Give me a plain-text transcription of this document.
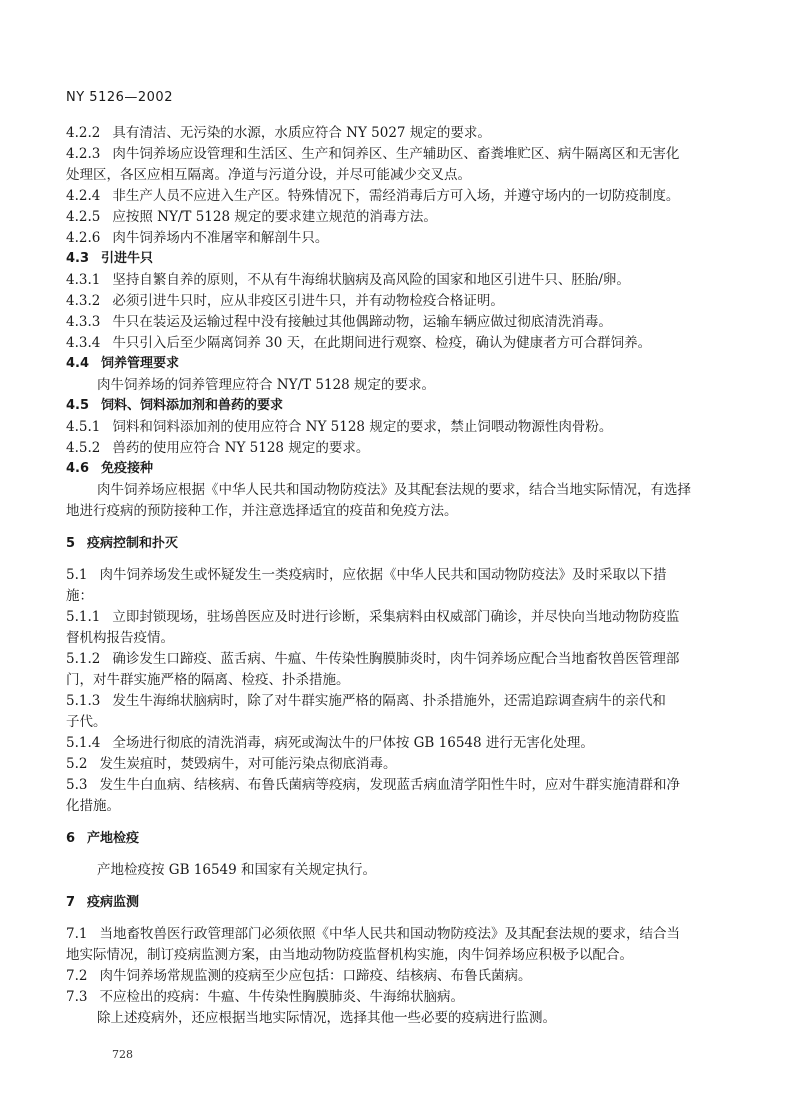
NY 5126—2002
4.2.2 具有清洁、无污染的水源，水质应符合 NY 5027 规定的要求。
4.2.3 肉牛饲养场应设管理和生活区、生产和饲养区、生产辅助区、畜粪堆贮区、病牛隔离区和无害化
处理区，各区应相互隔离。净道与污道分设，并尽可能减少交叉点。
4.2.4 非生产人员不应进入生产区。特殊情况下，需经消毒后方可入场，并遵守场内的一切防疫制度。
4.2.5 应按照 NY/T 5128 规定的要求建立规范的消毒方法。
4.2.6 肉牛饲养场内不准屠宰和解剖牛只。
4.3 引进牛只
4.3.1 坚持自繁自养的原则，不从有牛海绵状脑病及高风险的国家和地区引进牛只、胚胎/卵。
4.3.2 必须引进牛只时，应从非疫区引进牛只，并有动物检疫合格证明。
4.3.3 牛只在装运及运输过程中没有接触过其他偶蹄动物，运输车辆应做过彻底清洗消毒。
4.3.4 牛只引入后至少隔离饲养 30 天，在此期间进行观察、检疫，确认为健康者方可合群饲养。
4.4 饲养管理要求
肉牛饲养场的饲养管理应符合 NY/T 5128 规定的要求。
4.5 饲料、饲料添加剂和兽药的要求
4.5.1 饲料和饲料添加剂的使用应符合 NY 5128 规定的要求，禁止饲喂动物源性肉骨粉。
4.5.2 兽药的使用应符合 NY 5128 规定的要求。
4.6 免疫接种
肉牛饲养场应根据《中华人民共和国动物防疫法》及其配套法规的要求，结合当地实际情况，有选择
地进行疫病的预防接种工作，并注意选择适宜的疫苗和免疫方法。
5 疫病控制和扑灭
5.1 肉牛饲养场发生或怀疑发生一类疫病时，应依据《中华人民共和国动物防疫法》及时采取以下措
施：
5.1.1 立即封锁现场，驻场兽医应及时进行诊断，采集病料由权威部门确诊，并尽快向当地动物防疫监
督机构报告疫情。
5.1.2 确诊发生口蹄疫、蓝舌病、牛瘟、牛传染性胸膜肺炎时，肉牛饲养场应配合当地畜牧兽医管理部
门，对牛群实施严格的隔离、检疫、扑杀措施。
5.1.3 发生牛海绵状脑病时，除了对牛群实施严格的隔离、扑杀措施外，还需追踪调查病牛的亲代和
子代。
5.1.4 全场进行彻底的清洗消毒，病死或淘汰牛的尸体按 GB 16548 进行无害化处理。
5.2 发生炭疽时，焚毁病牛，对可能污染点彻底消毒。
5.3 发生牛白血病、结核病、布鲁氏菌病等疫病，发现蓝舌病血清学阳性牛时，应对牛群实施清群和净
化措施。
6 产地检疫
产地检疫按 GB 16549 和国家有关规定执行。
7 疫病监测
7.1 当地畜牧兽医行政管理部门必须依照《中华人民共和国动物防疫法》及其配套法规的要求，结合当
地实际情况，制订疫病监测方案，由当地动物防疫监督机构实施，肉牛饲养场应积极予以配合。
7.2 肉牛饲养场常规监测的疫病至少应包括：口蹄疫、结核病、布鲁氏菌病。
7.3 不应检出的疫病：牛瘟、牛传染性胸膜肺炎、牛海绵状脑病。
除上述疫病外，还应根据当地实际情况，选择其他一些必要的疫病进行监测。
728
